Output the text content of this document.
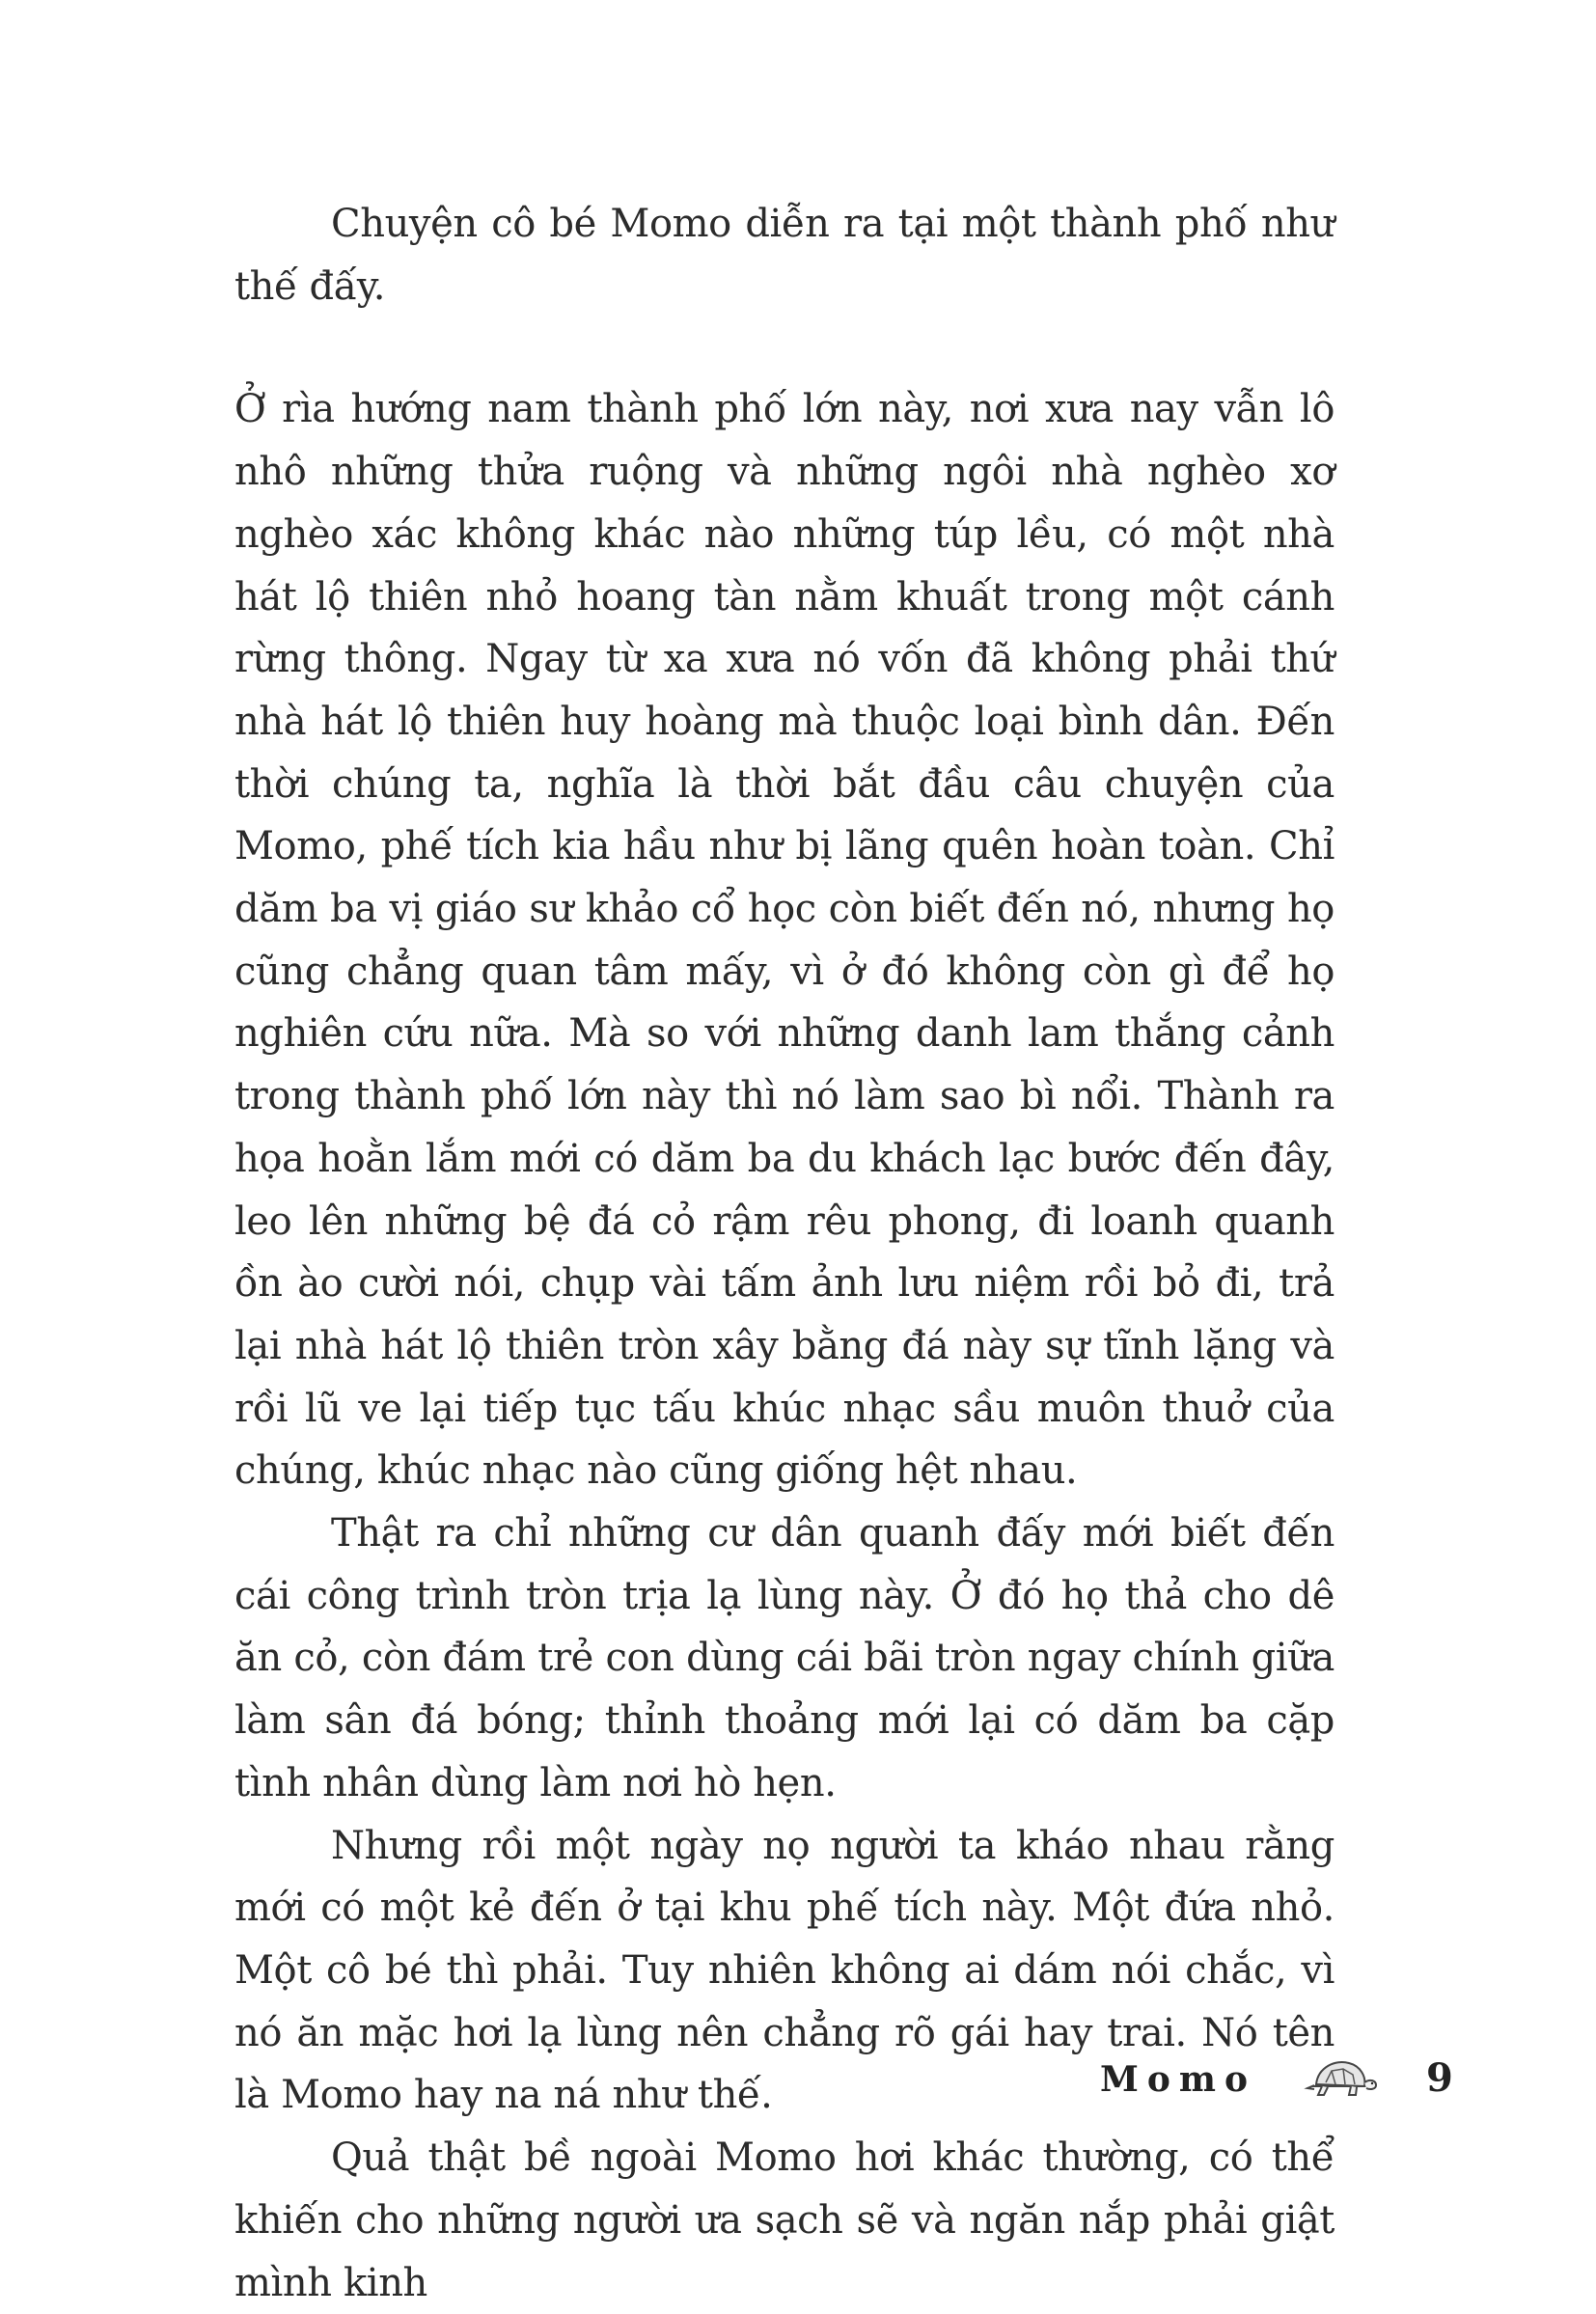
Chuyện cô bé Momo diễn ra tại một thành phố như thế đấy.

Ở rìa hướng nam thành phố lớn này, nơi xưa nay vẫn lô nhô những thửa ruộng và những ngôi nhà nghèo xơ nghèo xác không khác nào những túp lều, có một nhà hát lộ thiên nhỏ hoang tàn nằm khuất trong một cánh rừng thông. Ngay từ xa xưa nó vốn đã không phải thứ nhà hát lộ thiên huy hoàng mà thuộc loại bình dân. Đến thời chúng ta, nghĩa là thời bắt đầu câu chuyện của Momo, phế tích kia hầu như bị lãng quên hoàn toàn. Chỉ dăm ba vị giáo sư khảo cổ học còn biết đến nó, nhưng họ cũng chẳng quan tâm mấy, vì ở đó không còn gì để họ nghiên cứu nữa. Mà so với những danh lam thắng cảnh trong thành phố lớn này thì nó làm sao bì nổi. Thành ra họa hoằn lắm mới có dăm ba du khách lạc bước đến đây, leo lên những bệ đá cỏ rậm rêu phong, đi loanh quanh ồn ào cười nói, chụp vài tấm ảnh lưu niệm rồi bỏ đi, trả lại nhà hát lộ thiên tròn xây bằng đá này sự tĩnh lặng và rồi lũ ve lại tiếp tục tấu khúc nhạc sầu muôn thuở của chúng, khúc nhạc nào cũng giống hệt nhau.

Thật ra chỉ những cư dân quanh đấy mới biết đến cái công trình tròn trịa lạ lùng này. Ở đó họ thả cho dê ăn cỏ, còn đám trẻ con dùng cái bãi tròn ngay chính giữa làm sân đá bóng; thỉnh thoảng mới lại có dăm ba cặp tình nhân dùng làm nơi hò hẹn.

Nhưng rồi một ngày nọ người ta kháo nhau rằng mới có một kẻ đến ở tại khu phế tích này. Một đứa nhỏ. Một cô bé thì phải. Tuy nhiên không ai dám nói chắc, vì nó ăn mặc hơi lạ lùng nên chẳng rõ gái hay trai. Nó tên là Momo hay na ná như thế.

Quả thật bề ngoài Momo hơi khác thường, có thể khiến cho những người ưa sạch sẽ và ngăn nắp phải giật mình kinh

Momo	9
